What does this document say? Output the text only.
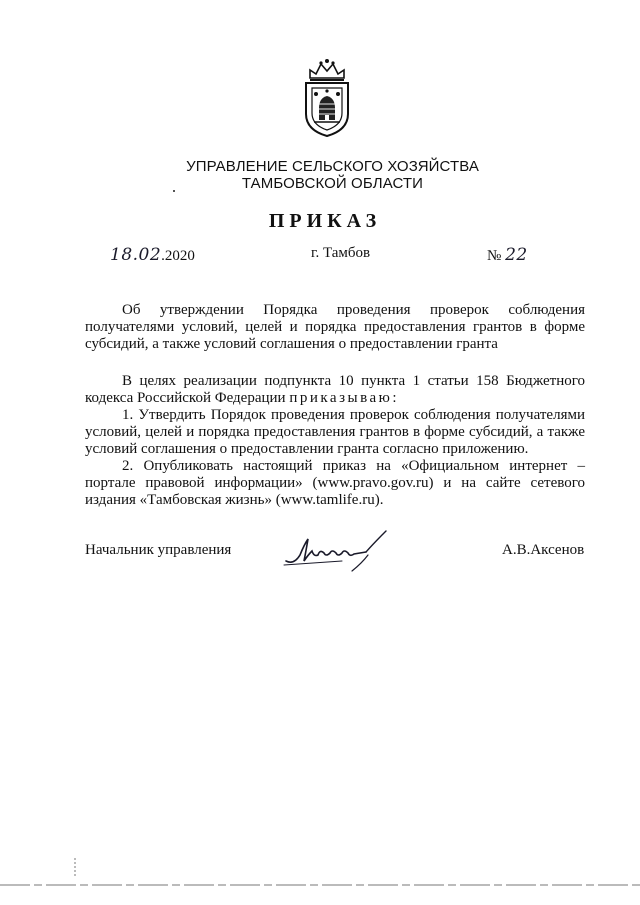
УПРАВЛЕНИЕ СЕЛЬСКОГО ХОЗЯЙСТВА
ТАМБОВСКОЙ ОБЛАСТИ
ПРИКАЗ
18.02.2020	г. Тамбов	№ 22
Об утверждении Порядка проведения проверок соблюдения
получателями условий, целей и порядка предоставления грантов в форме
субсидий, а также условий соглашения о предоставлении гранта
В целях реализации подпункта 10 пункта 1 статьи 158 Бюджетного
кодекса Российской Федерации приказываю:
1. Утвердить Порядок проведения проверок соблюдения получателями
условий, целей и порядка предоставления грантов в форме субсидий, а также
условий соглашения о предоставлении гранта согласно приложению.
2. Опубликовать настоящий приказ на «Официальном интернет –
портале правовой информации» (www.pravo.gov.ru) и на сайте сетевого
издания «Тамбовская жизнь» (www.tamlife.ru).
Начальник управления	А.В.Аксенов
